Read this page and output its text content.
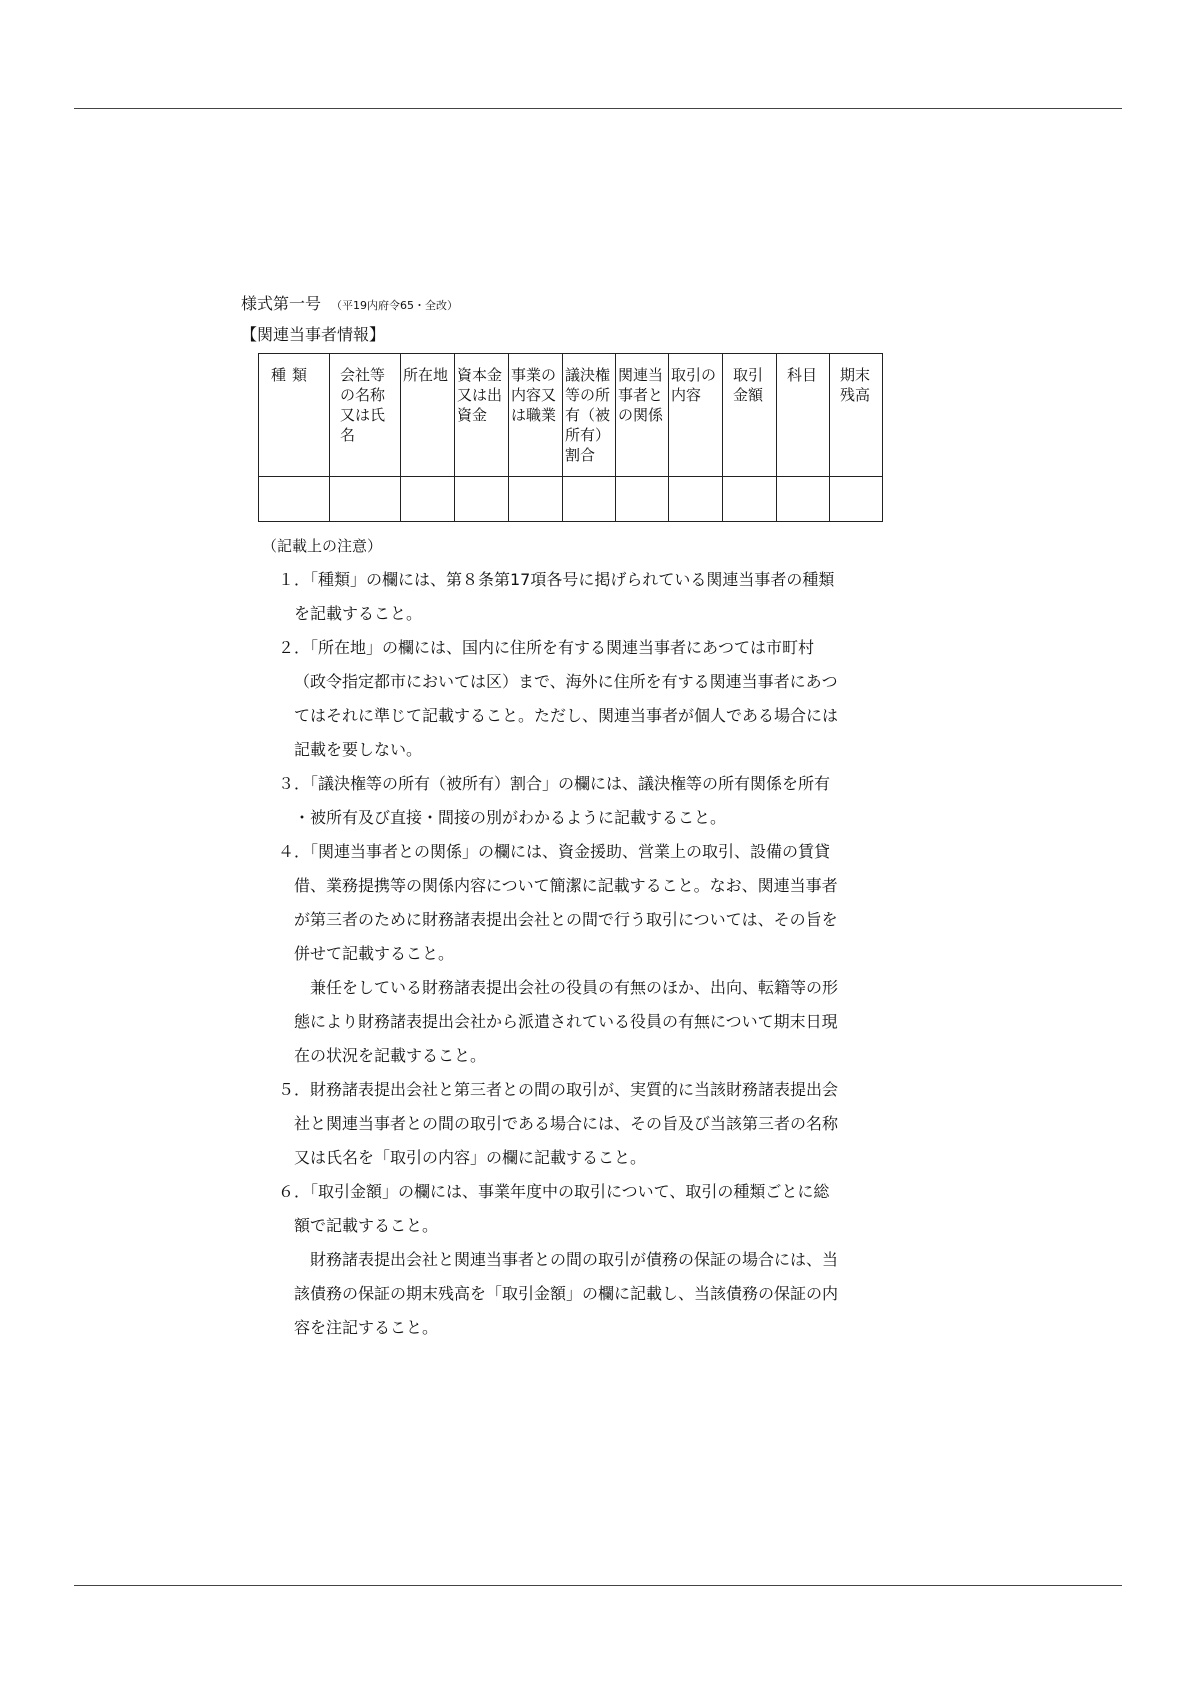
様式第一号 （平19内府令65・全改）
【関連当事者情報】
種類	会社等の名称又は氏名	所在地	資本金又は出資金	事業の内容又は職業	議決権等の所有（被所有）割合	関連当事者との関係	取引の内容	取引金額	科目	期末残高

（記載上の注意）
１．「種類」の欄には、第８条第17項各号に掲げられている関連当事者の種類
を記載すること。
２．「所在地」の欄には、国内に住所を有する関連当事者にあつては市町村
（政令指定都市においては区）まで、海外に住所を有する関連当事者にあつ
てはそれに準じて記載すること。ただし、関連当事者が個人である場合には
記載を要しない。
３．「議決権等の所有（被所有）割合」の欄には、議決権等の所有関係を所有
・被所有及び直接・間接の別がわかるように記載すること。
４．「関連当事者との関係」の欄には、資金援助、営業上の取引、設備の賃貸
借、業務提携等の関係内容について簡潔に記載すること。なお、関連当事者
が第三者のために財務諸表提出会社との間で行う取引については、その旨を
併せて記載すること。
兼任をしている財務諸表提出会社の役員の有無のほか、出向、転籍等の形
態により財務諸表提出会社から派遣されている役員の有無について期末日現
在の状況を記載すること。
５．財務諸表提出会社と第三者との間の取引が、実質的に当該財務諸表提出会
社と関連当事者との間の取引である場合には、その旨及び当該第三者の名称
又は氏名を「取引の内容」の欄に記載すること。
６．「取引金額」の欄には、事業年度中の取引について、取引の種類ごとに総
額で記載すること。
財務諸表提出会社と関連当事者との間の取引が債務の保証の場合には、当
該債務の保証の期末残高を「取引金額」の欄に記載し、当該債務の保証の内
容を注記すること。
